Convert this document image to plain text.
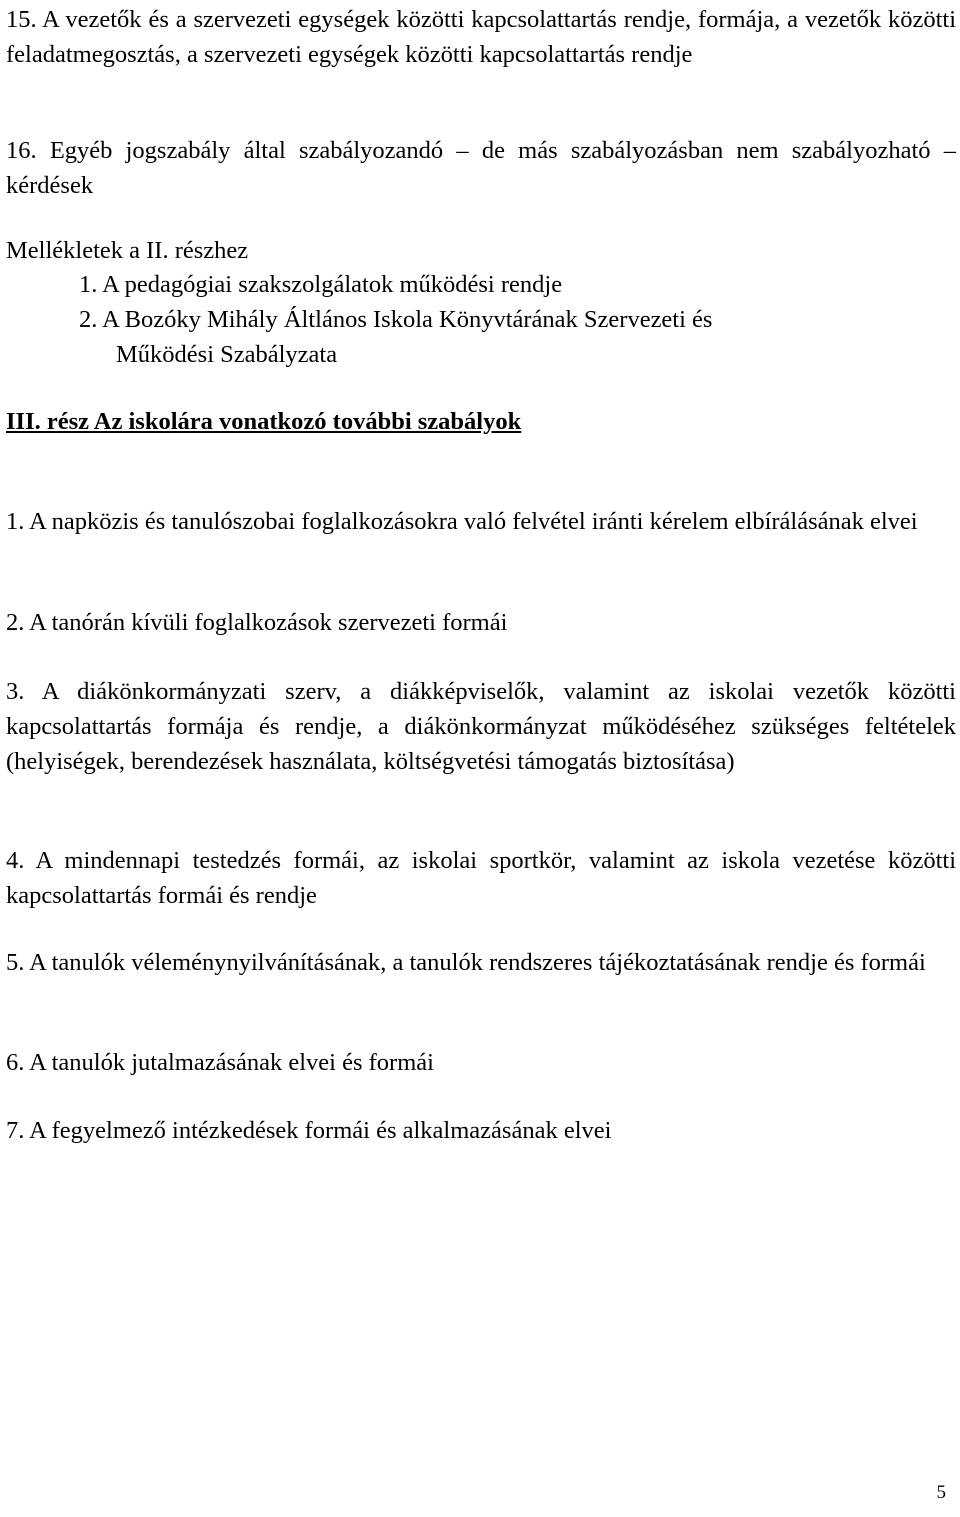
15. A vezetők és a szervezeti egységek közötti kapcsolattartás rendje, formája, a vezetők közötti feladatmegosztás, a szervezeti egységek közötti kapcsolattartás rendje

16. Egyéb jogszabály által szabályozandó – de más szabályozásban nem szabályozható – kérdések

Mellékletek a II. részhez

1. A pedagógiai szakszolgálatok működési rendje

2. A Bozóky Mihály Áltlános Iskola Könyvtárának Szervezeti és

Működési Szabályzata

III. rész Az iskolára vonatkozó további szabályok

1. A napközis és tanulószobai foglalkozásokra való felvétel iránti kérelem elbírálásának elvei

2. A tanórán kívüli foglalkozások szervezeti formái

3. A diákönkormányzati szerv, a diákképviselők, valamint az iskolai vezetők közötti kapcsolattartás formája és rendje, a diákönkormányzat működéséhez szükséges feltételek (helyiségek, berendezések használata, költségvetési támogatás biztosítása)

4. A mindennapi testedzés formái, az iskolai sportkör, valamint az iskola vezetése közötti kapcsolattartás formái és rendje

5. A tanulók véleménynyilvánításának, a tanulók rendszeres tájékoztatásának rendje és formái

6. A tanulók jutalmazásának elvei és formái

7. A fegyelmező intézkedések formái és alkalmazásának elvei

5
